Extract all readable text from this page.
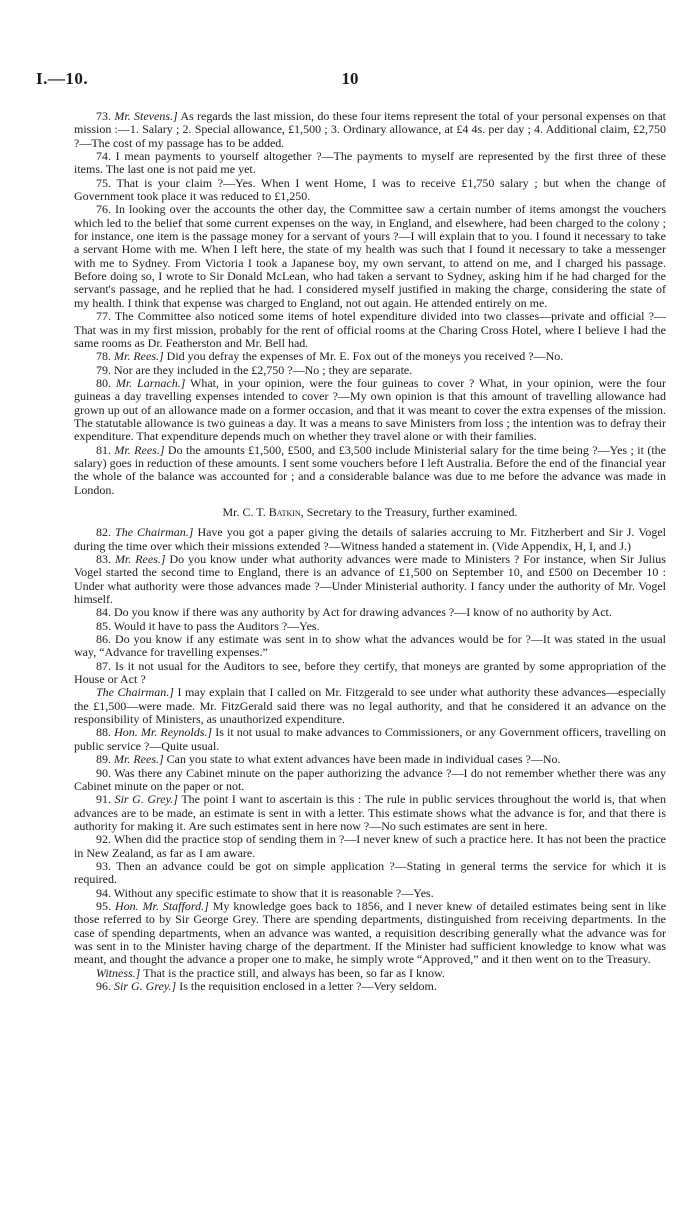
I.—10.	10

73. Mr. Stevens.] As regards the last mission, do these four items represent the total of your personal expenses on that mission :—1. Salary ; 2. Special allowance, £1,500 ; 3. Ordinary allowance, at £4 4s. per day ; 4. Additional claim, £2,750 ?—The cost of my passage has to be added.

74. I mean payments to yourself altogether ?—The payments to myself are represented by the first three of these items. The last one is not paid me yet.

75. That is your claim ?—Yes. When I went Home, I was to receive £1,750 salary ; but when the change of Government took place it was reduced to £1,250.

76. In looking over the accounts the other day, the Committee saw a certain number of items amongst the vouchers which led to the belief that some current expenses on the way, in England, and elsewhere, had been charged to the colony ; for instance, one item is the passage money for a servant of yours ?—I will explain that to you. I found it necessary to take a servant Home with me. When I left here, the state of my health was such that I found it necessary to take a messenger with me to Sydney. From Victoria I took a Japanese boy, my own servant, to attend on me, and I charged his passage. Before doing so, I wrote to Sir Donald McLean, who had taken a servant to Sydney, asking him if he had charged for the servant's passage, and he replied that he had. I considered myself justified in making the charge, considering the state of my health. I think that expense was charged to England, not out again. He attended entirely on me.

77. The Committee also noticed some items of hotel expenditure divided into two classes—private and official ?—That was in my first mission, probably for the rent of official rooms at the Charing Cross Hotel, where I believe I had the same rooms as Dr. Featherston and Mr. Bell had.

78. Mr. Rees.] Did you defray the expenses of Mr. E. Fox out of the moneys you received ?—No.

79. Nor are they included in the £2,750 ?—No ; they are separate.

80. Mr. Larnach.] What, in your opinion, were the four guineas to cover ? What, in your opinion, were the four guineas a day travelling expenses intended to cover ?—My own opinion is that this amount of travelling allowance had grown up out of an allowance made on a former occasion, and that it was meant to cover the extra expenses of the mission. The statutable allowance is two guineas a day. It was a means to save Ministers from loss ; the intention was to defray their expenditure. That expenditure depends much on whether they travel alone or with their families.

81. Mr. Rees.] Do the amounts £1,500, £500, and £3,500 include Ministerial salary for the time being ?—Yes ; it (the salary) goes in reduction of these amounts. I sent some vouchers before I left Australia. Before the end of the financial year the whole of the balance was accounted for ; and a considerable balance was due to me before the advance was made in London.

Mr. C. T. Batkin, Secretary to the Treasury, further examined.

82. The Chairman.] Have you got a paper giving the details of salaries accruing to Mr. Fitzherbert and Sir J. Vogel during the time over which their missions extended ?—Witness handed a statement in. (Vide Appendix, H, I, and J.)

83. Mr. Rees.] Do you know under what authority advances were made to Ministers ? For instance, when Sir Julius Vogel started the second time to England, there is an advance of £1,500 on September 10, and £500 on December 10 : Under what authority were those advances made ?—Under Ministerial authority. I fancy under the authority of Mr. Vogel himself.

84. Do you know if there was any authority by Act for drawing advances ?—I know of no authority by Act.

85. Would it have to pass the Auditors ?—Yes.

86. Do you know if any estimate was sent in to show what the advances would be for ?—It was stated in the usual way, “Advance for travelling expenses.”

87. Is it not usual for the Auditors to see, before they certify, that moneys are granted by some appropriation of the House or Act ?

The Chairman.] I may explain that I called on Mr. Fitzgerald to see under what authority these advances—especially the £1,500—were made. Mr. FitzGerald said there was no legal authority, and that he considered it an advance on the responsibility of Ministers, as unauthorized expenditure.

88. Hon. Mr. Reynolds.] Is it not usual to make advances to Commissioners, or any Government officers, travelling on public service ?—Quite usual.

89. Mr. Rees.] Can you state to what extent advances have been made in individual cases ?—No.

90. Was there any Cabinet minute on the paper authorizing the advance ?—I do not remember whether there was any Cabinet minute on the paper or not.

91. Sir G. Grey.] The point I want to ascertain is this : The rule in public services throughout the world is, that when advances are to be made, an estimate is sent in with a letter. This estimate shows what the advance is for, and that there is authority for making it. Are such estimates sent in here now ?—No such estimates are sent in here.

92. When did the practice stop of sending them in ?—I never knew of such a practice here. It has not been the practice in New Zealand, as far as I am aware.

93. Then an advance could be got on simple application ?—Stating in general terms the service for which it is required.

94. Without any specific estimate to show that it is reasonable ?—Yes.

95. Hon. Mr. Stafford.] My knowledge goes back to 1856, and I never knew of detailed estimates being sent in like those referred to by Sir George Grey. There are spending departments, distinguished from receiving departments. In the case of spending departments, when an advance was wanted, a requisition describing generally what the advance was for was sent in to the Minister having charge of the department. If the Minister had sufficient knowledge to know what was meant, and thought the advance a proper one to make, he simply wrote “Approved,” and it then went on to the Treasury.

Witness.] That is the practice still, and always has been, so far as I know.

96. Sir G. Grey.] Is the requisition enclosed in a letter ?—Very seldom.
